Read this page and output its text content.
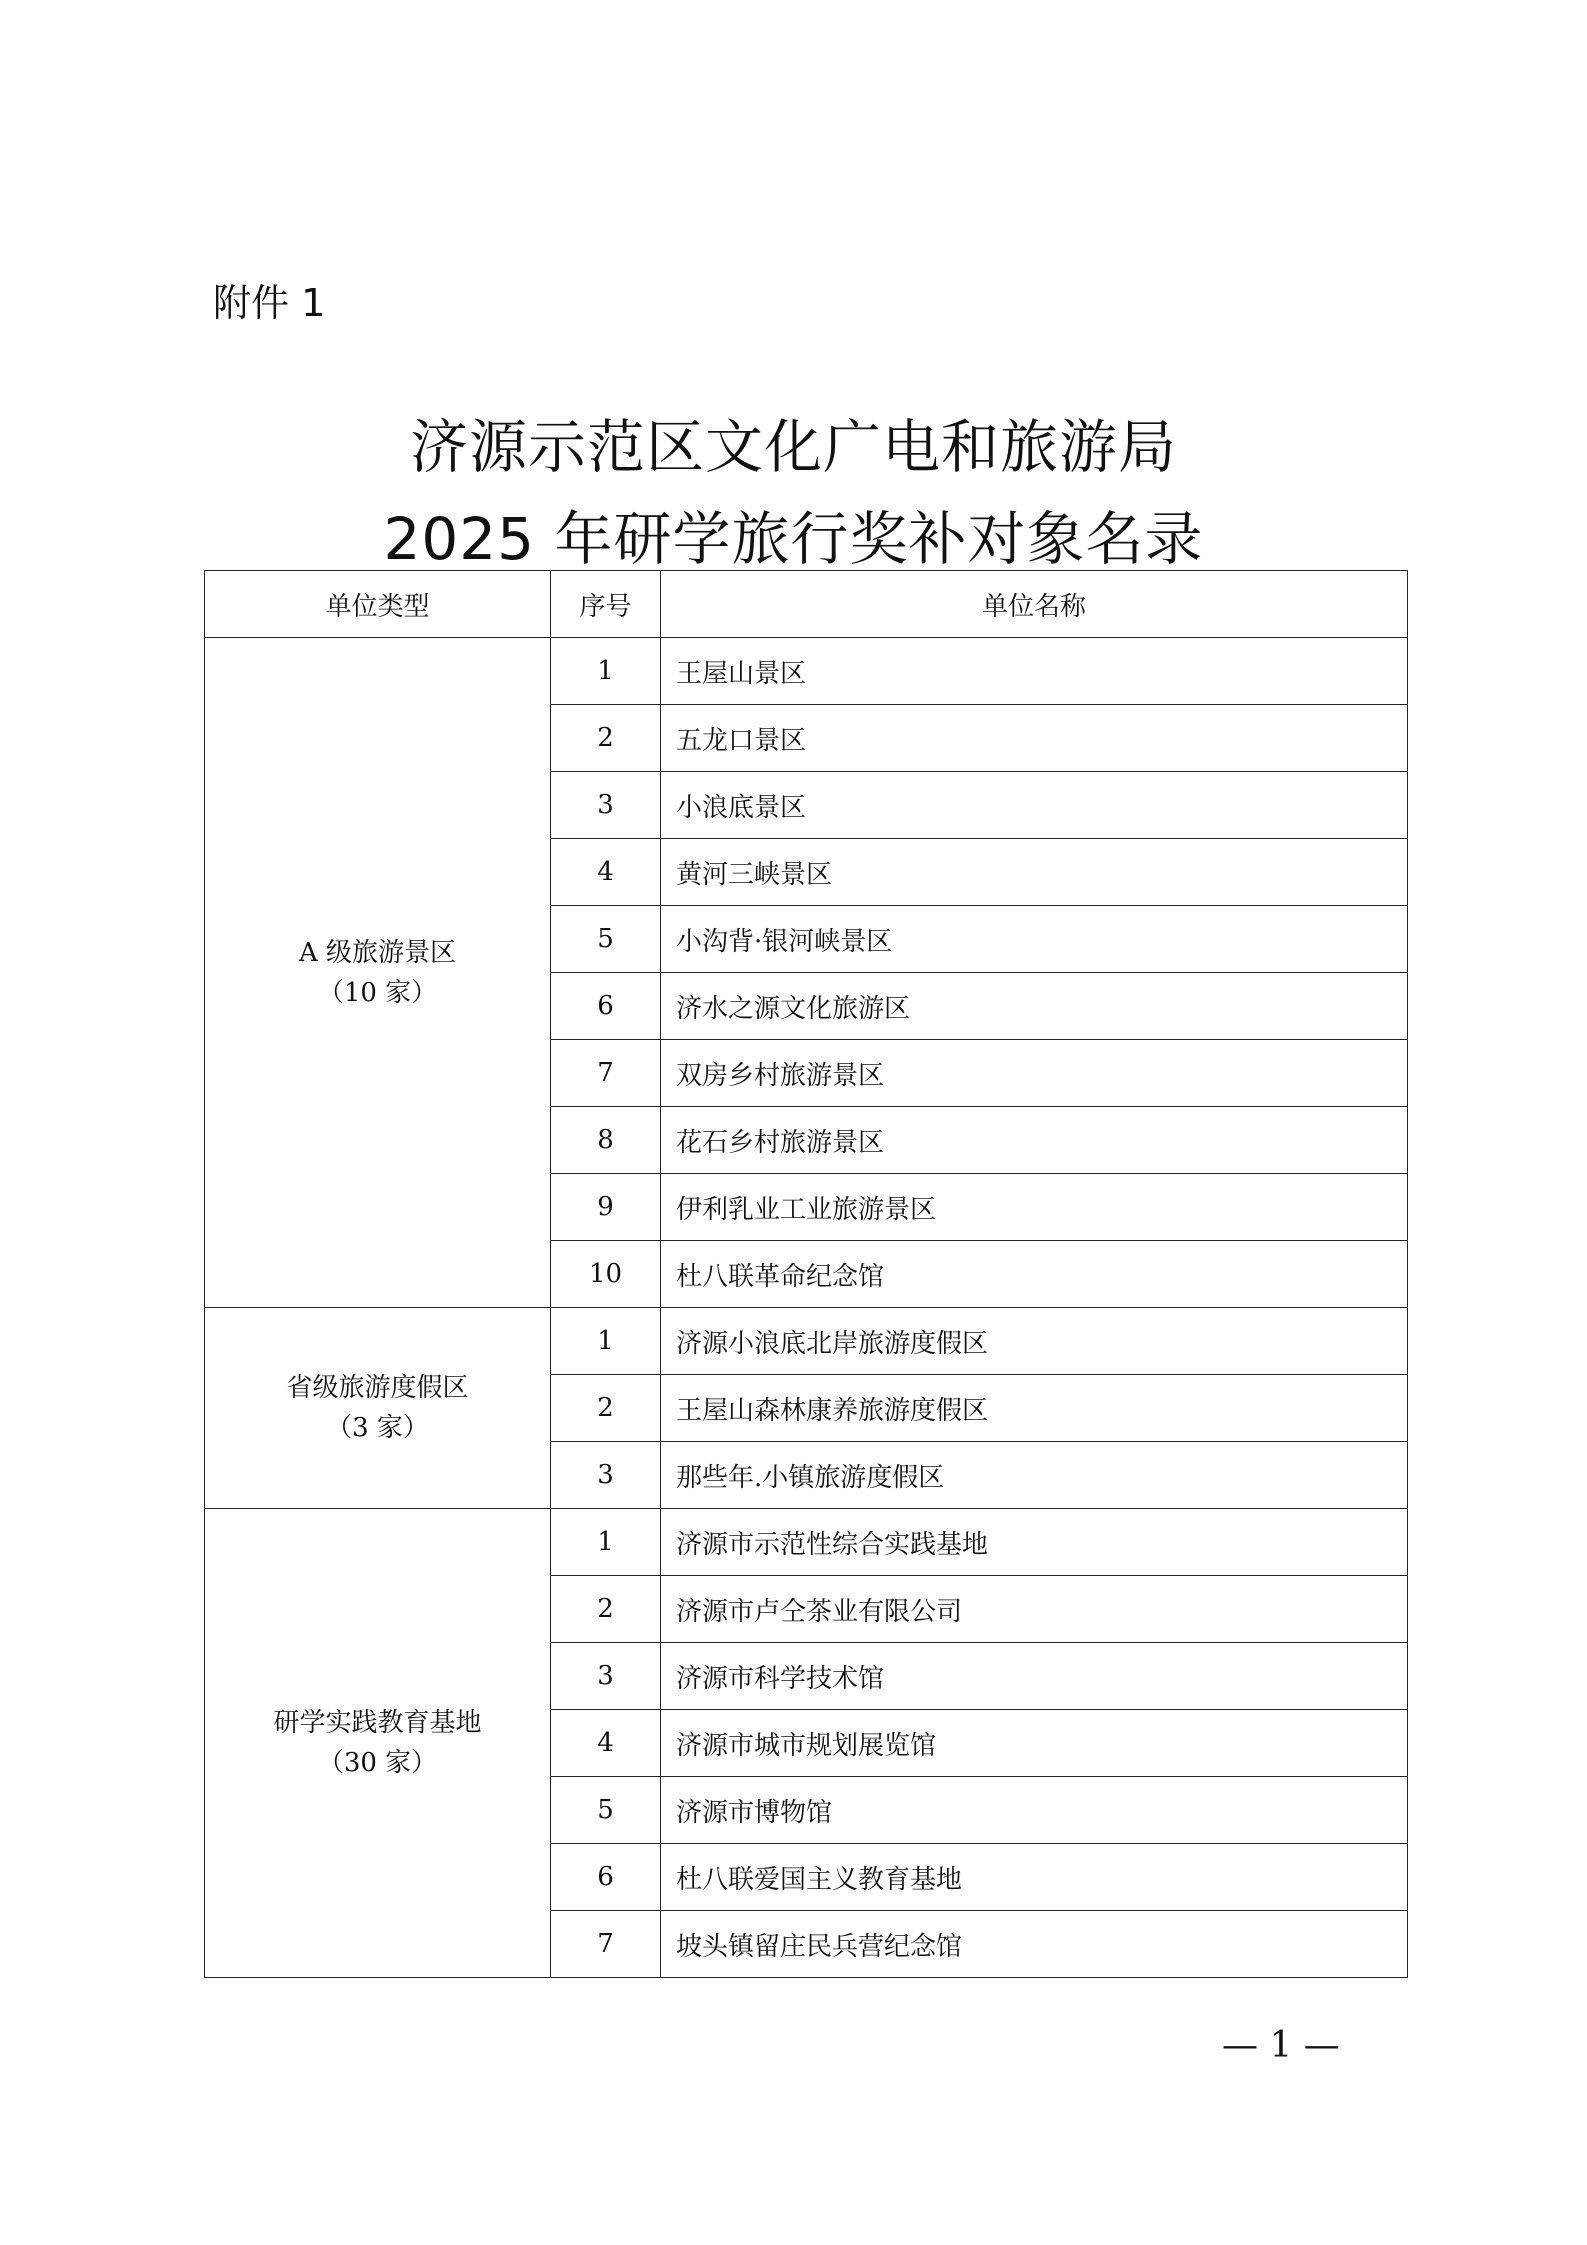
附件 1
济源示范区文化广电和旅游局
2025 年研学旅行奖补对象名录
单位类型	序号	单位名称

A 级旅游景区
（10 家）	1	王屋山景区
	2	五龙口景区
	3	小浪底景区
	4	黄河三峡景区
	5	小沟背·银河峡景区
	6	济水之源文化旅游区
	7	双房乡村旅游景区
	8	花石乡村旅游景区
	9	伊利乳业工业旅游景区
	10	杜八联革命纪念馆

省级旅游度假区
（3 家）	1	济源小浪底北岸旅游度假区
	2	王屋山森林康养旅游度假区
	3	那些年.小镇旅游度假区

研学实践教育基地
（30 家）	1	济源市示范性综合实践基地
	2	济源市卢仝茶业有限公司
	3	济源市科学技术馆
	4	济源市城市规划展览馆
	5	济源市博物馆
	6	杜八联爱国主义教育基地
	7	坡头镇留庄民兵营纪念馆
— 1 —
